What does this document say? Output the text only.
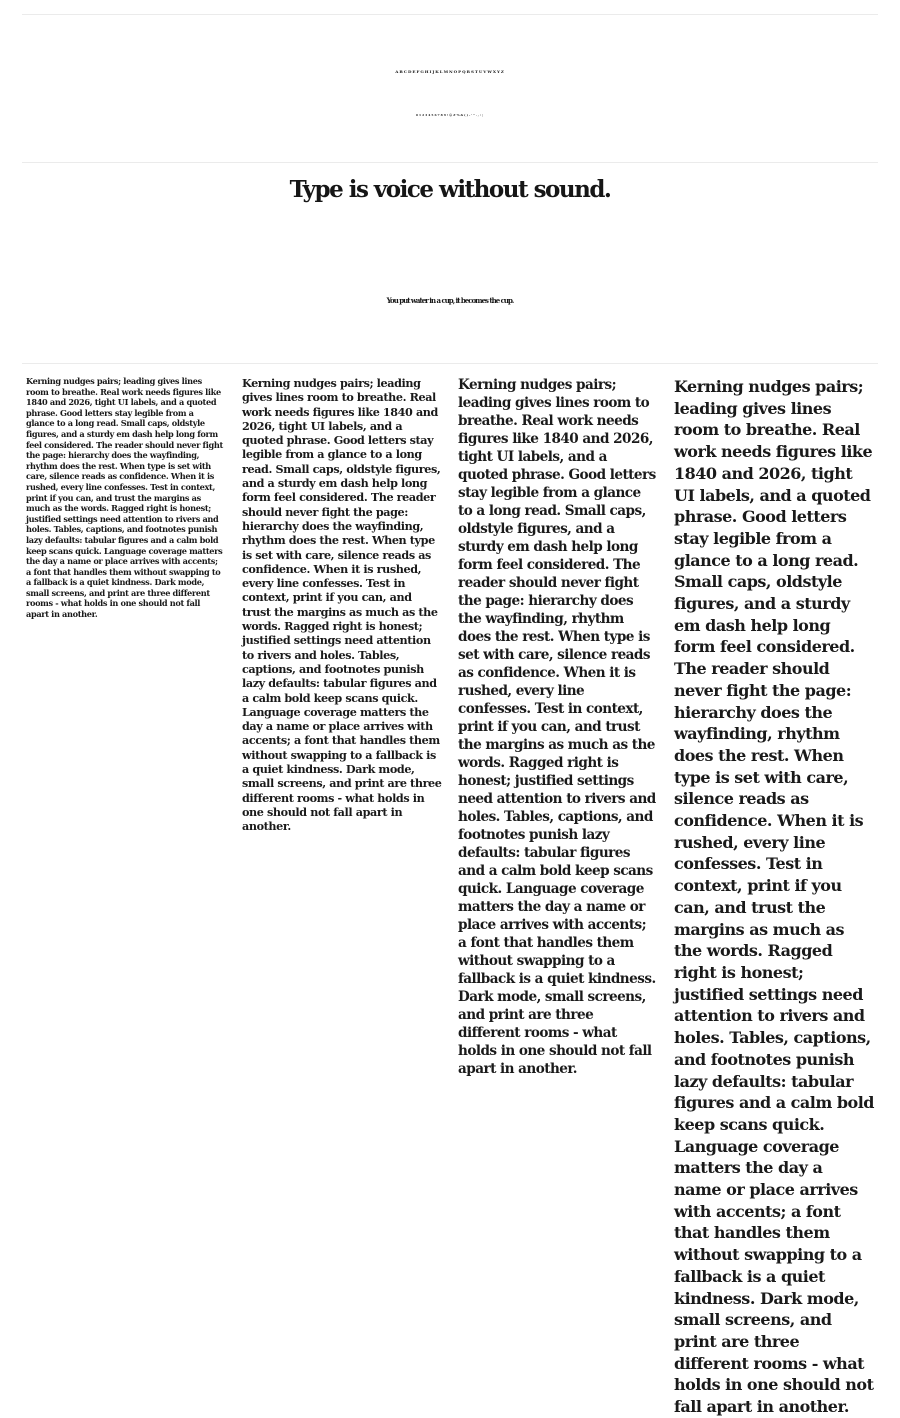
ABCDEFGHIJKLMNOPQRSTUVWXYZ
0123456789!@#%&()-'".,:;
Type is voice without sound.
You put water in a cup, it becomes the cup.
Kerning nudges pairs; leading gives lines room to breathe. Real work needs figures like 1840 and 2026, tight UI labels, and a quoted phrase. Good letters stay legible from a glance to a long read. Small caps, oldstyle figures, and a sturdy em dash help long form feel considered. The reader should never fight the page: hierarchy does the wayfinding, rhythm does the rest. When type is set with care, silence reads as confidence. When it is rushed, every line confesses. Test in context, print if you can, and trust the margins as much as the words. Ragged right is honest; justified settings need attention to rivers and holes. Tables, captions, and footnotes punish lazy defaults: tabular figures and a calm bold keep scans quick. Language coverage matters the day a name or place arrives with accents; a font that handles them without swapping to a fallback is a quiet kindness. Dark mode, small screens, and print are three different rooms - what holds in one should not fall apart in another.
Kerning nudges pairs; leading gives lines room to breathe. Real work needs figures like 1840 and 2026, tight UI labels, and a quoted phrase. Good letters stay legible from a glance to a long read. Small caps, oldstyle figures, and a sturdy em dash help long form feel considered. The reader should never fight the page: hierarchy does the wayfinding, rhythm does the rest. When type is set with care, silence reads as confidence. When it is rushed, every line confesses. Test in context, print if you can, and trust the margins as much as the words. Ragged right is honest; justified settings need attention to rivers and holes. Tables, captions, and footnotes punish lazy defaults: tabular figures and a calm bold keep scans quick. Language coverage matters the day a name or place arrives with accents; a font that handles them without swapping to a fallback is a quiet kindness. Dark mode, small screens, and print are three different rooms - what holds in one should not fall apart in another.
Kerning nudges pairs; leading gives lines room to breathe. Real work needs figures like 1840 and 2026, tight UI labels, and a quoted phrase. Good letters stay legible from a glance to a long read. Small caps, oldstyle figures, and a sturdy em dash help long form feel considered. The reader should never fight the page: hierarchy does the wayfinding, rhythm does the rest. When type is set with care, silence reads as confidence. When it is rushed, every line confesses. Test in context, print if you can, and trust the margins as much as the words. Ragged right is honest; justified settings need attention to rivers and holes. Tables, captions, and footnotes punish lazy defaults: tabular figures and a calm bold keep scans quick. Language coverage matters the day a name or place arrives with accents; a font that handles them without swapping to a fallback is a quiet kindness. Dark mode, small screens, and print are three different rooms - what holds in one should not fall apart in another.
Kerning nudges pairs; leading gives lines room to breathe. Real work needs figures like 1840 and 2026, tight UI labels, and a quoted phrase. Good letters stay legible from a glance to a long read. Small caps, oldstyle figures, and a sturdy em dash help long form feel considered. The reader should never fight the page: hierarchy does the wayfinding, rhythm does the rest. When type is set with care, silence reads as confidence. When it is rushed, every line confesses. Test in context, print if you can, and trust the margins as much as the words. Ragged right is honest; justified settings need attention to rivers and holes. Tables, captions, and footnotes punish lazy defaults: tabular figures and a calm bold keep scans quick. Language coverage matters the day a name or place arrives with accents; a font that handles them without swapping to a fallback is a quiet kindness. Dark mode, small screens, and print are three different rooms - what holds in one should not fall apart in another.
